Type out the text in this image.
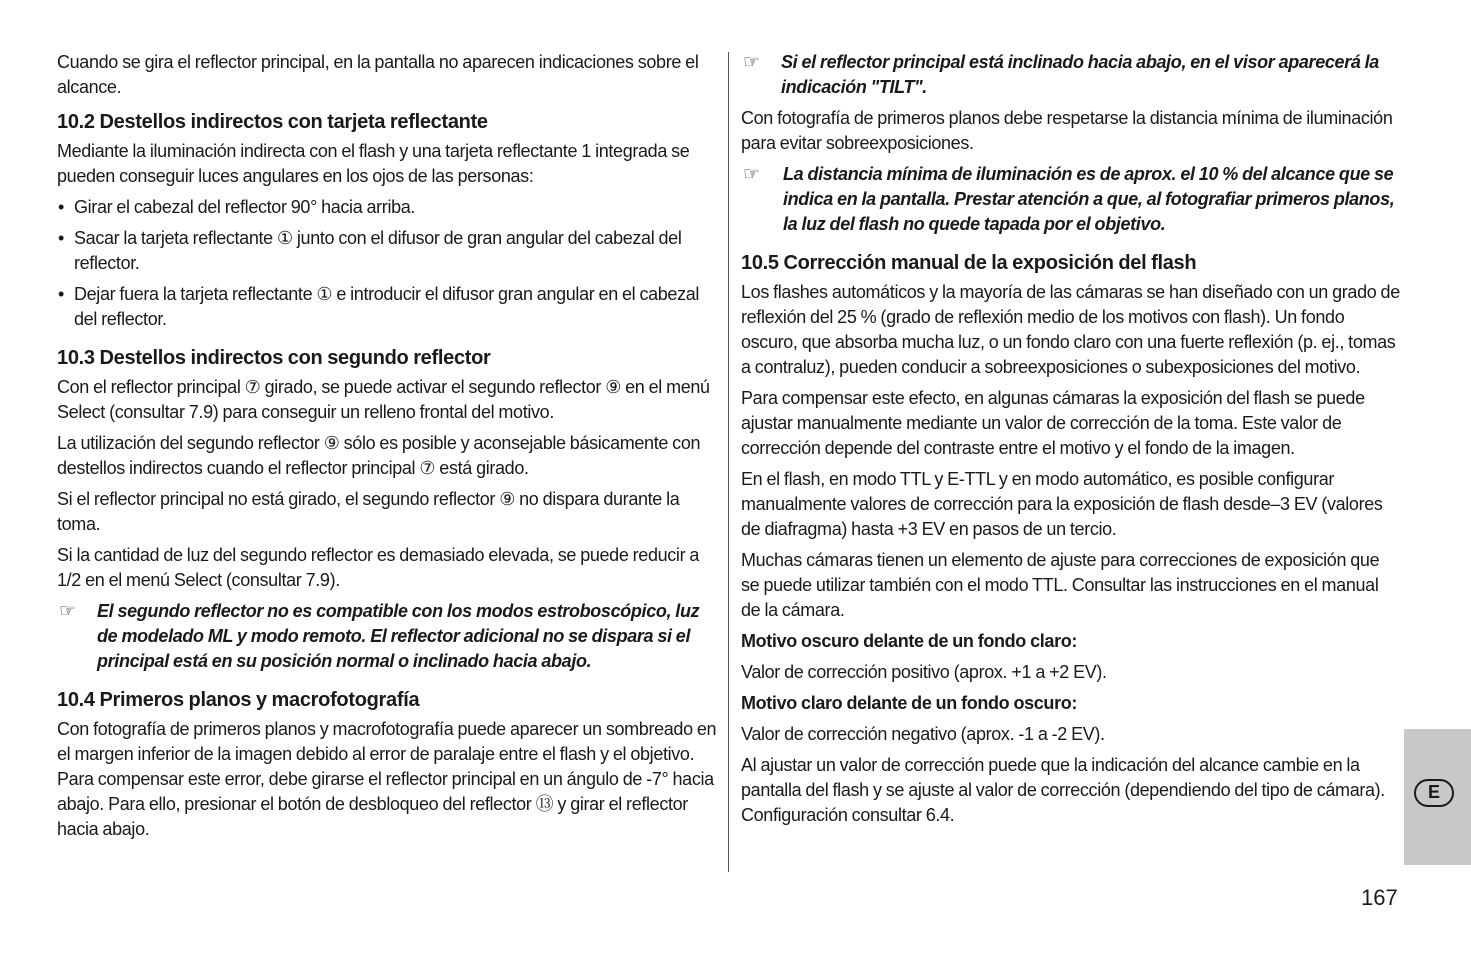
Cuando se gira el reflector principal, en la pantalla no aparecen indicaciones sobre el alcance.

10.2 Destellos indirectos con tarjeta reflectante

Mediante la iluminación indirecta con el flash y una tarjeta reflectante 1 integrada se pueden conseguir luces angulares en los ojos de las personas:

• Girar el cabezal del reflector 90° hacia arriba.
• Sacar la tarjeta reflectante ① junto con el difusor de gran angular del cabezal del reflector.
• Dejar fuera la tarjeta reflectante ① e introducir el difusor gran angular en el cabezal del reflector.
10.3 Destellos indirectos con segundo reflector

Con el reflector principal ⑦ girado, se puede activar el segundo reflector ⑨ en el menú Select (consultar 7.9) para conseguir un relleno frontal del motivo.

La utilización del segundo reflector ⑨ sólo es posible y aconsejable básicamente con destellos indirectos cuando el reflector principal ⑦ está girado.

Si el reflector principal no está girado, el segundo reflector ⑨ no dispara durante la toma.

Si la cantidad de luz del segundo reflector es demasiado elevada, se puede reducir a 1/2 en el menú Select (consultar 7.9).

☞ El segundo reflector no es compatible con los modos estroboscópico, luz de modelado ML y modo remoto. El reflector adicional no se dispara si el principal está en su posición normal o inclinado hacia abajo.
10.4 Primeros planos y macrofotografía

Con fotografía de primeros planos y macrofotografía puede aparecer un sombreado en el margen inferior de la imagen debido al error de paralaje entre el flash y el objetivo. Para compensar este error, debe girarse el reflector principal en un ángulo de -7° hacia abajo. Para ello, presionar el botón de desbloqueo del reflector ⑬ y girar el reflector hacia abajo.

☞ Si el reflector principal está inclinado hacia abajo, en el visor aparecerá la indicación "TILT".

Con fotografía de primeros planos debe respetarse la distancia mínima de iluminación para evitar sobreexposiciones.

☞ La distancia mínima de iluminación es de aprox. el 10 % del alcance que se indica en la pantalla. Prestar atención a que, al fotografiar primeros planos, la luz del flash no quede tapada por el objetivo.
10.5 Corrección manual de la exposición del flash

Los flashes automáticos y la mayoría de las cámaras se han diseñado con un grado de reflexión del 25 % (grado de reflexión medio de los motivos con flash). Un fondo oscuro, que absorba mucha luz, o un fondo claro con una fuerte reflexión (p. ej., tomas a contraluz), pueden conducir a sobreexposiciones o subexposiciones del motivo.

Para compensar este efecto, en algunas cámaras la exposición del flash se puede ajustar manualmente mediante un valor de corrección de la toma. Este valor de corrección depende del contraste entre el motivo y el fondo de la imagen.

En el flash, en modo TTL y E-TTL y en modo automático, es posible configurar manualmente valores de corrección para la exposición de flash desde–3 EV (valores de diafragma) hasta +3 EV en pasos de un tercio.

Muchas cámaras tienen un elemento de ajuste para correcciones de exposición que se puede utilizar también con el modo TTL. Consultar las instrucciones en el manual de la cámara.

Motivo oscuro delante de un fondo claro:

Valor de corrección positivo (aprox. +1 a +2 EV).

Motivo claro delante de un fondo oscuro:

Valor de corrección negativo (aprox. -1 a -2 EV).

Al ajustar un valor de corrección puede que la indicación del alcance cambie en la pantalla del flash y se ajuste al valor de corrección (dependiendo del tipo de cámara). Configuración consultar 6.4.

E
167
